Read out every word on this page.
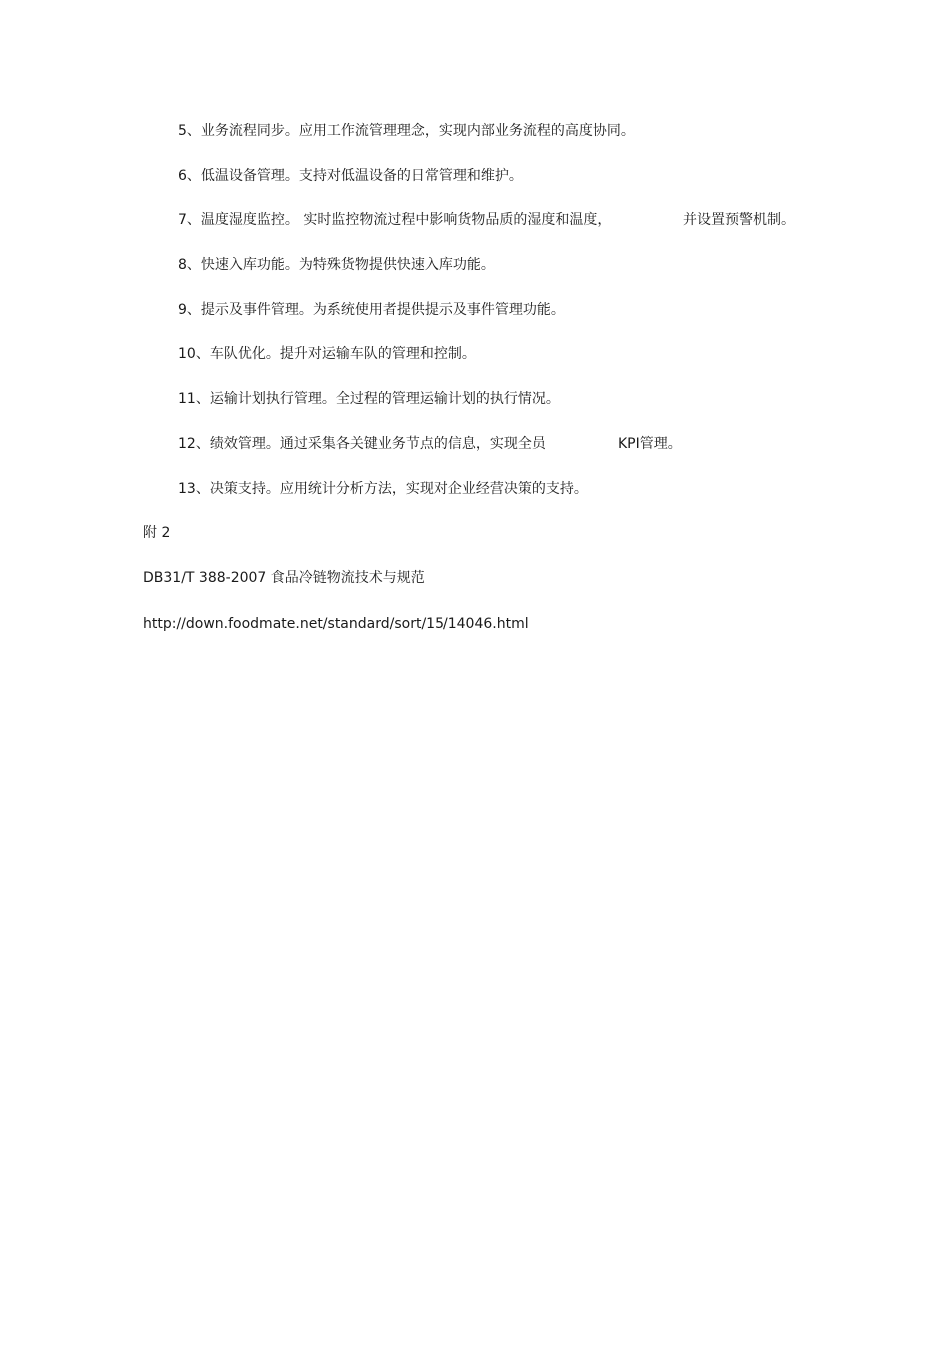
5、业务流程同步。应用工作流管理理念，实现内部业务流程的高度协同。
6、低温设备管理。支持对低温设备的日常管理和维护。
7、温度湿度监控。 实时监控物流过程中影响货物品质的湿度和温度，	并设置预警机制。
8、快速入库功能。为特殊货物提供快速入库功能。
9、提示及事件管理。为系统使用者提供提示及事件管理功能。
10、车队优化。提升对运输车队的管理和控制。
11、运输计划执行管理。全过程的管理运输计划的执行情况。
12、绩效管理。通过采集各关键业务节点的信息，实现全员	KPI管理。
13、决策支持。应用统计分析方法，实现对企业经营决策的支持。
附 2
DB31/T 388-2007 食品冷链物流技术与规范
http://down.foodmate.net/standard/sort/15 /14046.html
